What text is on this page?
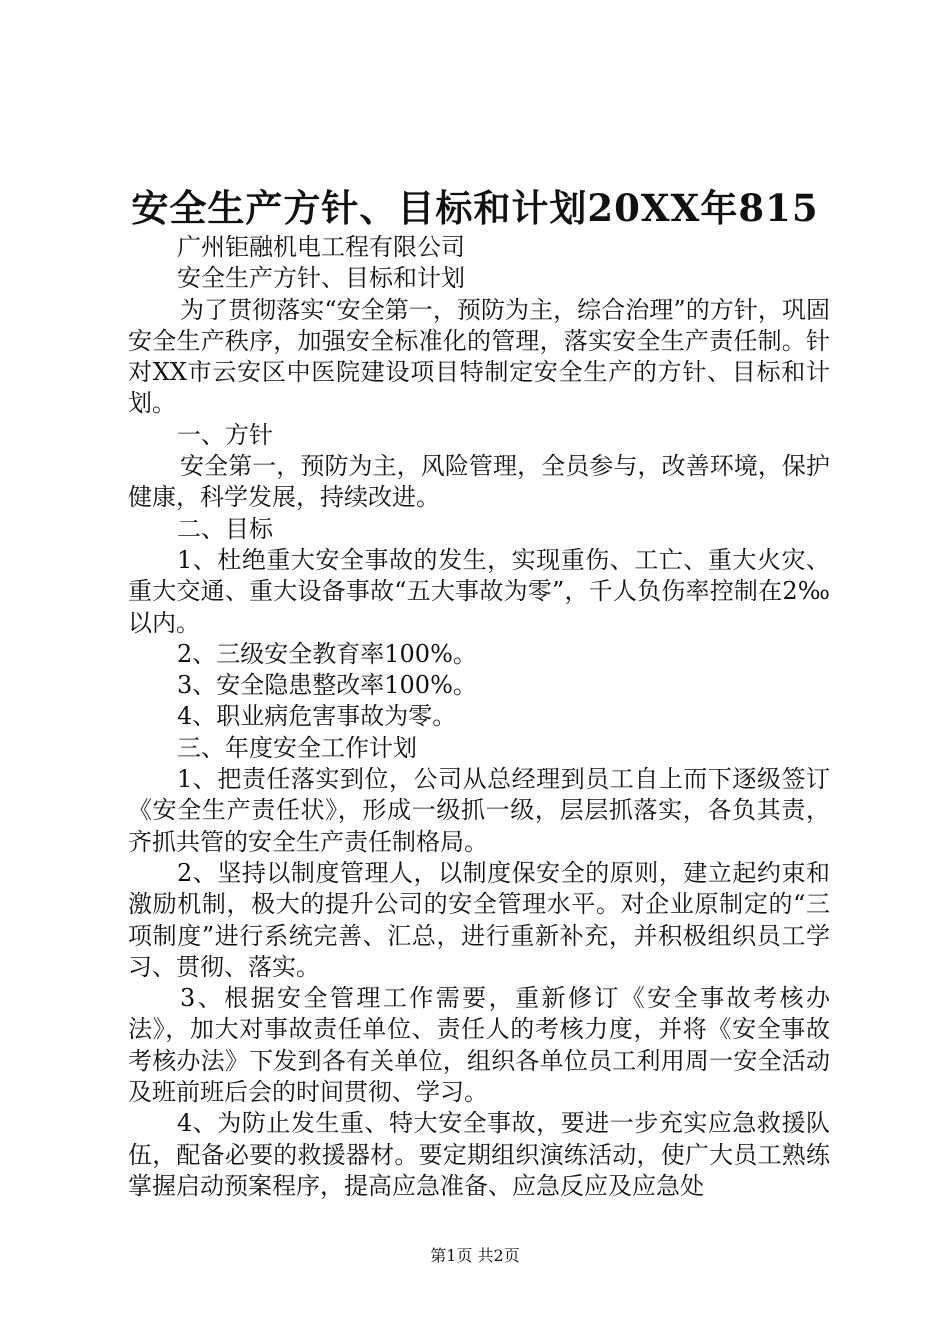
安全生产方针、目标和计划20XX年815

广州钜融机电工程有限公司

安全生产方针、目标和计划

为了贯彻落实“安全第一，预防为主，综合治理”的方针，巩固安全生产秩序，加强安全标准化的管理，落实安全生产责任制。针对XX市云安区中医院建设项目特制定安全生产的方针、目标和计划。

一、方针

安全第一，预防为主，风险管理，全员参与，改善环境，保护健康，科学发展，持续改进。

二、目标

1、杜绝重大安全事故的发生，实现重伤、工亡、重大火灾、重大交通、重大设备事故“五大事故为零”，千人负伤率控制在2‰以内。

2、三级安全教育率100%。

3、安全隐患整改率100%。

4、职业病危害事故为零。

三、年度安全工作计划

1、把责任落实到位，公司从总经理到员工自上而下逐级签订《安全生产责任状》，形成一级抓一级，层层抓落实，各负其责，齐抓共管的安全生产责任制格局。

2、坚持以制度管理人，以制度保安全的原则，建立起约束和激励机制，极大的提升公司的安全管理水平。对企业原制定的“三项制度”进行系统完善、汇总，进行重新补充，并积极组织员工学习、贯彻、落实。

3、根据安全管理工作需要，重新修订《安全事故考核办法》，加大对事故责任单位、责任人的考核力度，并将《安全事故考核办法》下发到各有关单位，组织各单位员工利用周一安全活动及班前班后会的时间贯彻、学习。

4、为防止发生重、特大安全事故，要进一步充实应急救援队伍，配备必要的救援器材。要定期组织演练活动，使广大员工熟练掌握启动预案程序，提高应急准备、应急反应及应急处

第1页 共2页
